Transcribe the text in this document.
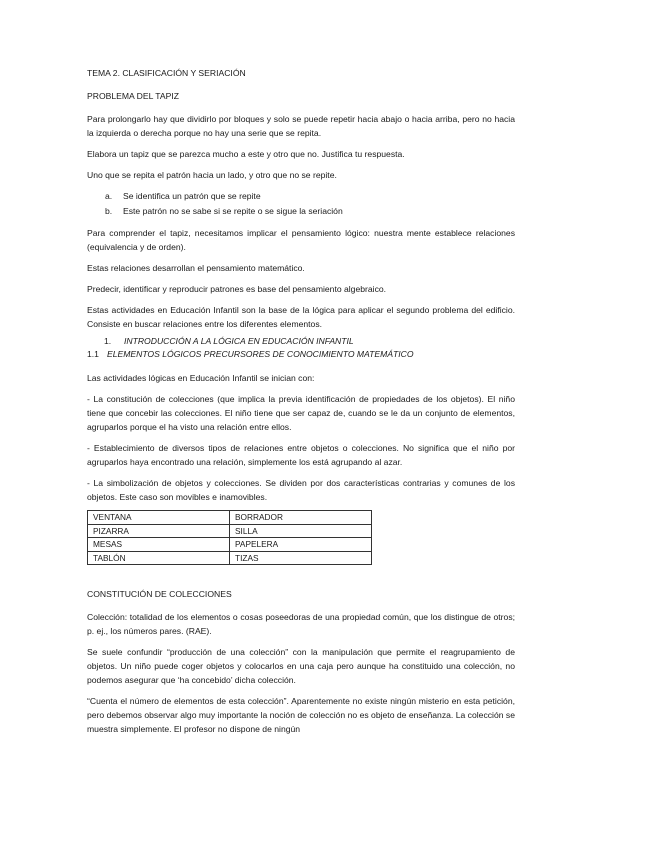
TEMA 2. CLASIFICACIÓN Y SERIACIÓN

PROBLEMA DEL TAPIZ

Para prolongarlo hay que dividirlo por bloques y solo se puede repetir hacia abajo o hacia arriba, pero no hacia la izquierda o derecha porque no hay una serie que se repita.

Elabora un tapiz que se parezca mucho a este y otro que no. Justifica tu respuesta.

Uno que se repita el patrón hacia un lado, y otro que no se repite.

a. Se identifica un patrón que se repite
b. Este patrón no se sabe si se repite o se sigue la seriación

Para comprender el tapiz, necesitamos implicar el pensamiento lógico: nuestra mente establece relaciones (equivalencia y de orden).

Estas relaciones desarrollan el pensamiento matemático.

Predecir, identificar y reproducir patrones es base del pensamiento algebraico.

Estas actividades en Educación Infantil son la base de la lógica para aplicar el segundo problema del edificio. Consiste en buscar relaciones entre los diferentes elementos.

1. INTRODUCCIÓN A LA LÓGICA EN EDUCACIÓN INFANTIL

1.1 ELEMENTOS LÓGICOS PRECURSORES DE CONOCIMIENTO MATEMÁTICO

Las actividades lógicas en Educación Infantil se inician con:

- La constitución de colecciones (que implica la previa identificación de propiedades de los objetos). El niño tiene que concebir las colecciones. El niño tiene que ser capaz de, cuando se le da un conjunto de elementos, agruparlos porque el ha visto una relación entre ellos.

- Establecimiento de diversos tipos de relaciones entre objetos o colecciones. No significa que el niño por agruparlos haya encontrado una relación, simplemente los está agrupando al azar.

- La simbolización de objetos y colecciones. Se dividen por dos características contrarias y comunes de los objetos. Este caso son movibles e inamovibles.

VENTANA	BORRADOR
PIZARRA	SILLA
MESAS	PAPELERA
TABLÓN	TIZAS

CONSTITUCIÓN DE COLECCIONES

Colección: totalidad de los elementos o cosas poseedoras de una propiedad común, que los distingue de otros; p. ej., los números pares. (RAE).

Se suele confundir “producción de una colección” con la manipulación que permite el reagrupamiento de objetos. Un niño puede coger objetos y colocarlos en una caja pero aunque ha constituido una colección, no podemos asegurar que ‘ha concebido’ dicha colección.

“Cuenta el número de elementos de esta colección”. Aparentemente no existe ningún misterio en esta petición, pero debemos observar algo muy importante la noción de colección no es objeto de enseñanza. La colección se muestra simplemente. El profesor no dispone de ningún
